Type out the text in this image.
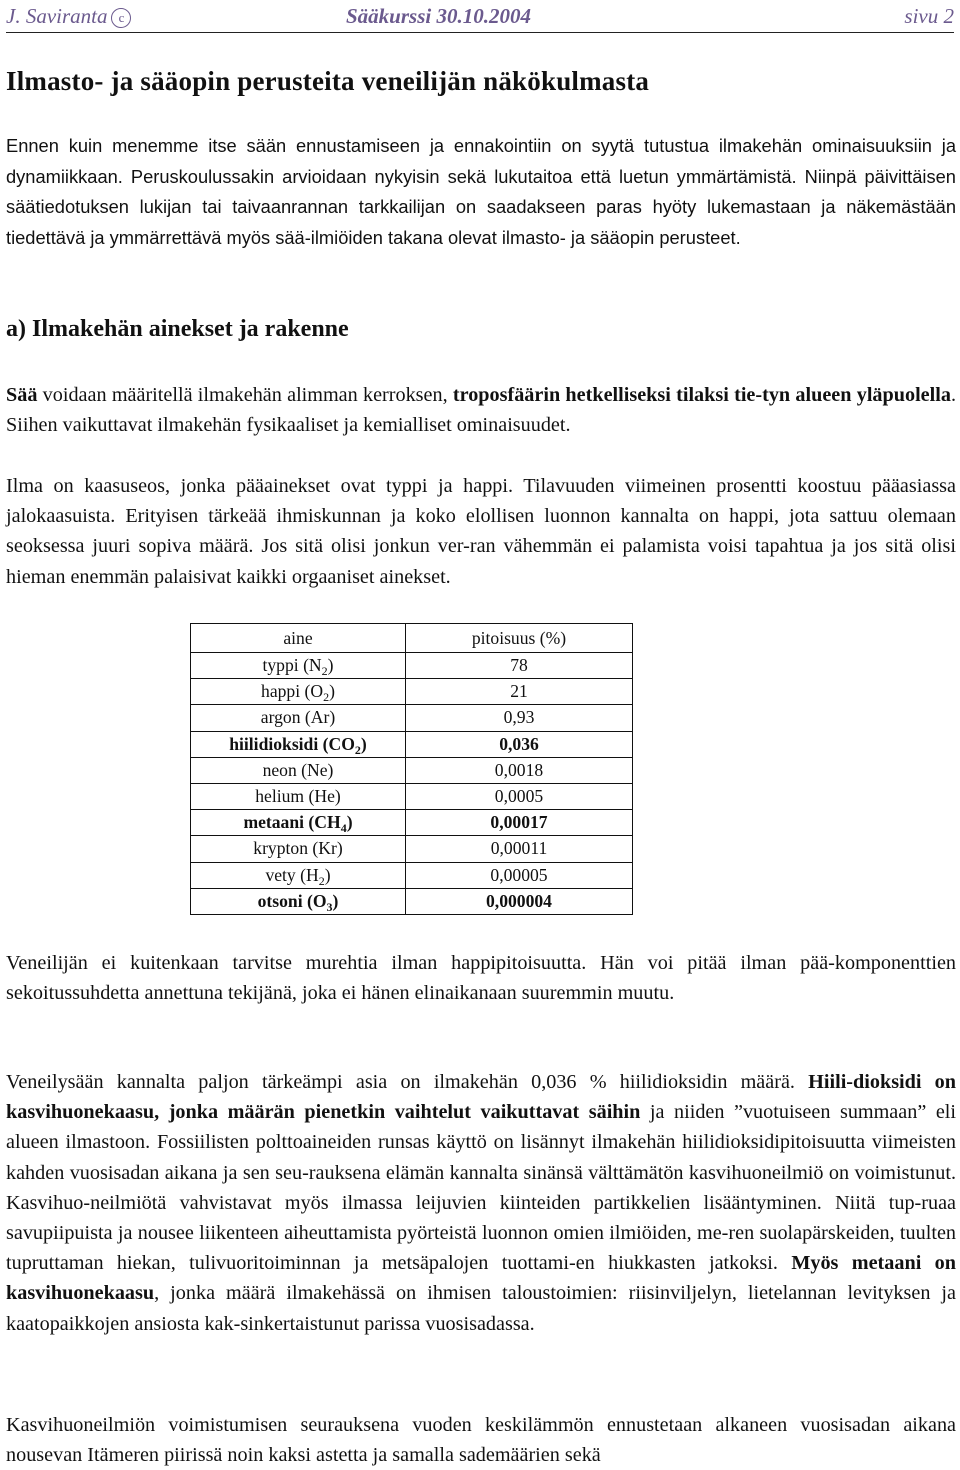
J. Saviranta c	Sääkurssi 30.10.2004	sivu 2
Ilmasto- ja sääopin perusteita veneilijän näkökulmasta

Ennen kuin menemme itse sään ennustamiseen ja ennakointiin on syytä tutustua ilmakehän ominaisuuksiin ja dynamiikkaan. Peruskoulussakin arvioidaan nykyisin sekä lukutaitoa että luetun ymmärtämistä. Niinpä päivittäisen säätiedotuksen lukijan tai taivaanrannan tarkkailijan on saadakseen paras hyöty lukemastaan ja näkemästään tiedettävä ja ymmärrettävä myös sää-ilmiöiden takana olevat ilmasto- ja sääopin perusteet.

a) Ilmakehän ainekset ja rakenne

Sää voidaan määritellä ilmakehän alimman kerroksen, troposfäärin hetkelliseksi tilaksi tie-tyn alueen yläpuolella. Siihen vaikuttavat ilmakehän fysikaaliset ja kemialliset ominaisuudet.

Ilma on kaasuseos, jonka pääainekset ovat typpi ja happi. Tilavuuden viimeinen prosentti koostuu pääasiassa jalokaasuista. Erityisen tärkeää ihmiskunnan ja koko elollisen luonnon kannalta on happi, jota sattuu olemaan seoksessa juuri sopiva määrä. Jos sitä olisi jonkun ver-ran vähemmän ei palamista voisi tapahtua ja jos sitä olisi hieman enemmän palaisivat kaikki orgaaniset ainekset.

aine	pitoisuus (%)
typpi $(N_2)$	78
happi $(O_2)$	21
argon (Ar)	0,93
hiilidioksidi $(CO_2)$	0,036
neon (Ne)	0,0018
helium (He)	0,0005
metaani $(CH_4)$	0,00017
krypton (Kr)	0,00011
vety $(H_2)$	0,00005
otsoni $(O_3)$	0,000004

Veneilijän ei kuitenkaan tarvitse murehtia ilman happipitoisuutta. Hän voi pitää ilman pää-komponenttien sekoitussuhdetta annettuna tekijänä, joka ei hänen elinaikanaan suuremmin muutu.

Veneilysään kannalta paljon tärkeämpi asia on ilmakehän 0,036 % hiilidioksidin määrä. Hiili-dioksidi on kasvihuonekaasu, jonka määrän pienetkin vaihtelut vaikuttavat säihin ja niiden ”vuotuiseen summaan” eli alueen ilmastoon. Fossiilisten polttoaineiden runsas käyttö on lisännyt ilmakehän hiilidioksidipitoisuutta viimeisten kahden vuosisadan aikana ja sen seu-rauksena elämän kannalta sinänsä välttämätön kasvihuoneilmiö on voimistunut. Kasvihuo-neilmiötä vahvistavat myös ilmassa leijuvien kiinteiden partikkelien lisääntyminen. Niitä tup-ruaa savupiipuista ja nousee liikenteen aiheuttamista pyörteistä luonnon omien ilmiöiden, me-ren suolapärskeiden, tuulten tupruttaman hiekan, tulivuoritoiminnan ja metsäpalojen tuottami-en hiukkasten jatkoksi. Myös metaani on kasvihuonekaasu, jonka määrä ilmakehässä on ihmisen taloustoimien: riisinviljelyn, lietelannan levityksen ja kaatopaikkojen ansiosta kak-sinkertaistunut parissa vuosisadassa.

Kasvihuoneilmiön voimistumisen seurauksena vuoden keskilämmön ennustetaan alkaneen vuosisadan aikana nousevan Itämeren piirissä noin kaksi astetta ja samalla sademäärien sekä
